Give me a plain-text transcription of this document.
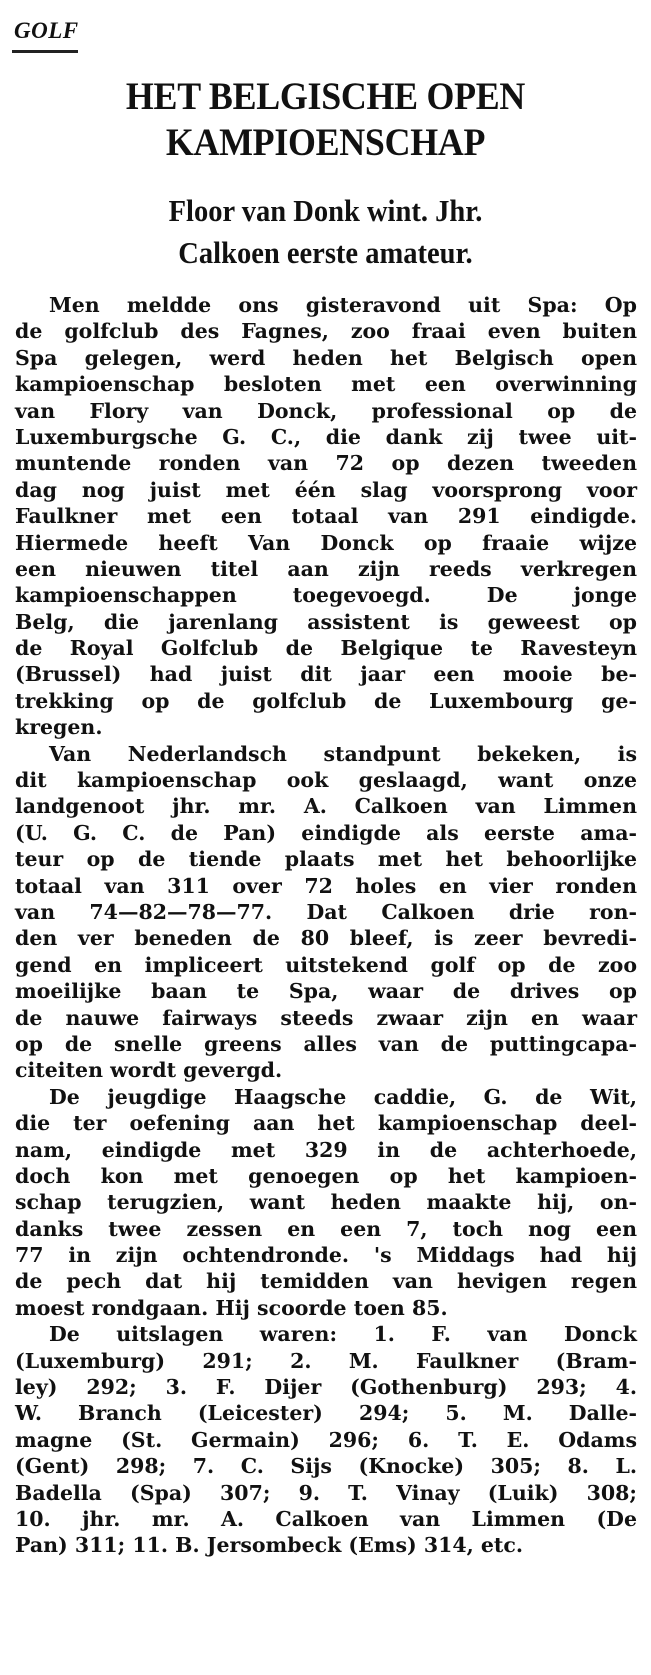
GOLF
HET BELGISCHE OPEN
KAMPIOENSCHAP
Floor van Donk wint. Jhr.
Calkoen eerste amateur.
Men meldde ons gisteravond uit Spa: Op
de golfclub des Fagnes, zoo fraai even buiten
Spa gelegen, werd heden het Belgisch open
kampioenschap besloten met een overwinning
van Flory van Donck, professional op de
Luxemburgsche G. C., die dank zij twee uit-
muntende ronden van 72 op dezen tweeden
dag nog juist met één slag voorsprong voor
Faulkner met een totaal van 291 eindigde.
Hiermede heeft Van Donck op fraaie wijze
een nieuwen titel aan zijn reeds verkregen
kampioenschappen toegevoegd. De jonge
Belg, die jarenlang assistent is geweest op
de Royal Golfclub de Belgique te Ravesteyn
(Brussel) had juist dit jaar een mooie be-
trekking op de golfclub de Luxembourg ge-
kregen.
Van Nederlandsch standpunt bekeken, is
dit kampioenschap ook geslaagd, want onze
landgenoot jhr. mr. A. Calkoen van Limmen
(U. G. C. de Pan) eindigde als eerste ama-
teur op de tiende plaats met het behoorlijke
totaal van 311 over 72 holes en vier ronden
van 74—82—78—77. Dat Calkoen drie ron-
den ver beneden de 80 bleef, is zeer bevredi-
gend en impliceert uitstekend golf op de zoo
moeilijke baan te Spa, waar de drives op
de nauwe fairways steeds zwaar zijn en waar
op de snelle greens alles van de puttingcapa-
citeiten wordt gevergd.
De jeugdige Haagsche caddie, G. de Wit,
die ter oefening aan het kampioenschap deel-
nam, eindigde met 329 in de achterhoede,
doch kon met genoegen op het kampioen-
schap terugzien, want heden maakte hij, on-
danks twee zessen en een 7, toch nog een
77 in zijn ochtendronde. 's Middags had hij
de pech dat hij temidden van hevigen regen
moest rondgaan. Hij scoorde toen 85.
De uitslagen waren: 1. F. van Donck
(Luxemburg) 291; 2. M. Faulkner (Bram-
ley) 292; 3. F. Dijer (Gothenburg) 293; 4.
W. Branch (Leicester) 294; 5. M. Dalle-
magne (St. Germain) 296; 6. T. E. Odams
(Gent) 298; 7. C. Sijs (Knocke) 305; 8. L.
Badella (Spa) 307; 9. T. Vinay (Luik) 308;
10. jhr. mr. A. Calkoen van Limmen (De
Pan) 311; 11. B. Jersombeck (Ems) 314, etc.
